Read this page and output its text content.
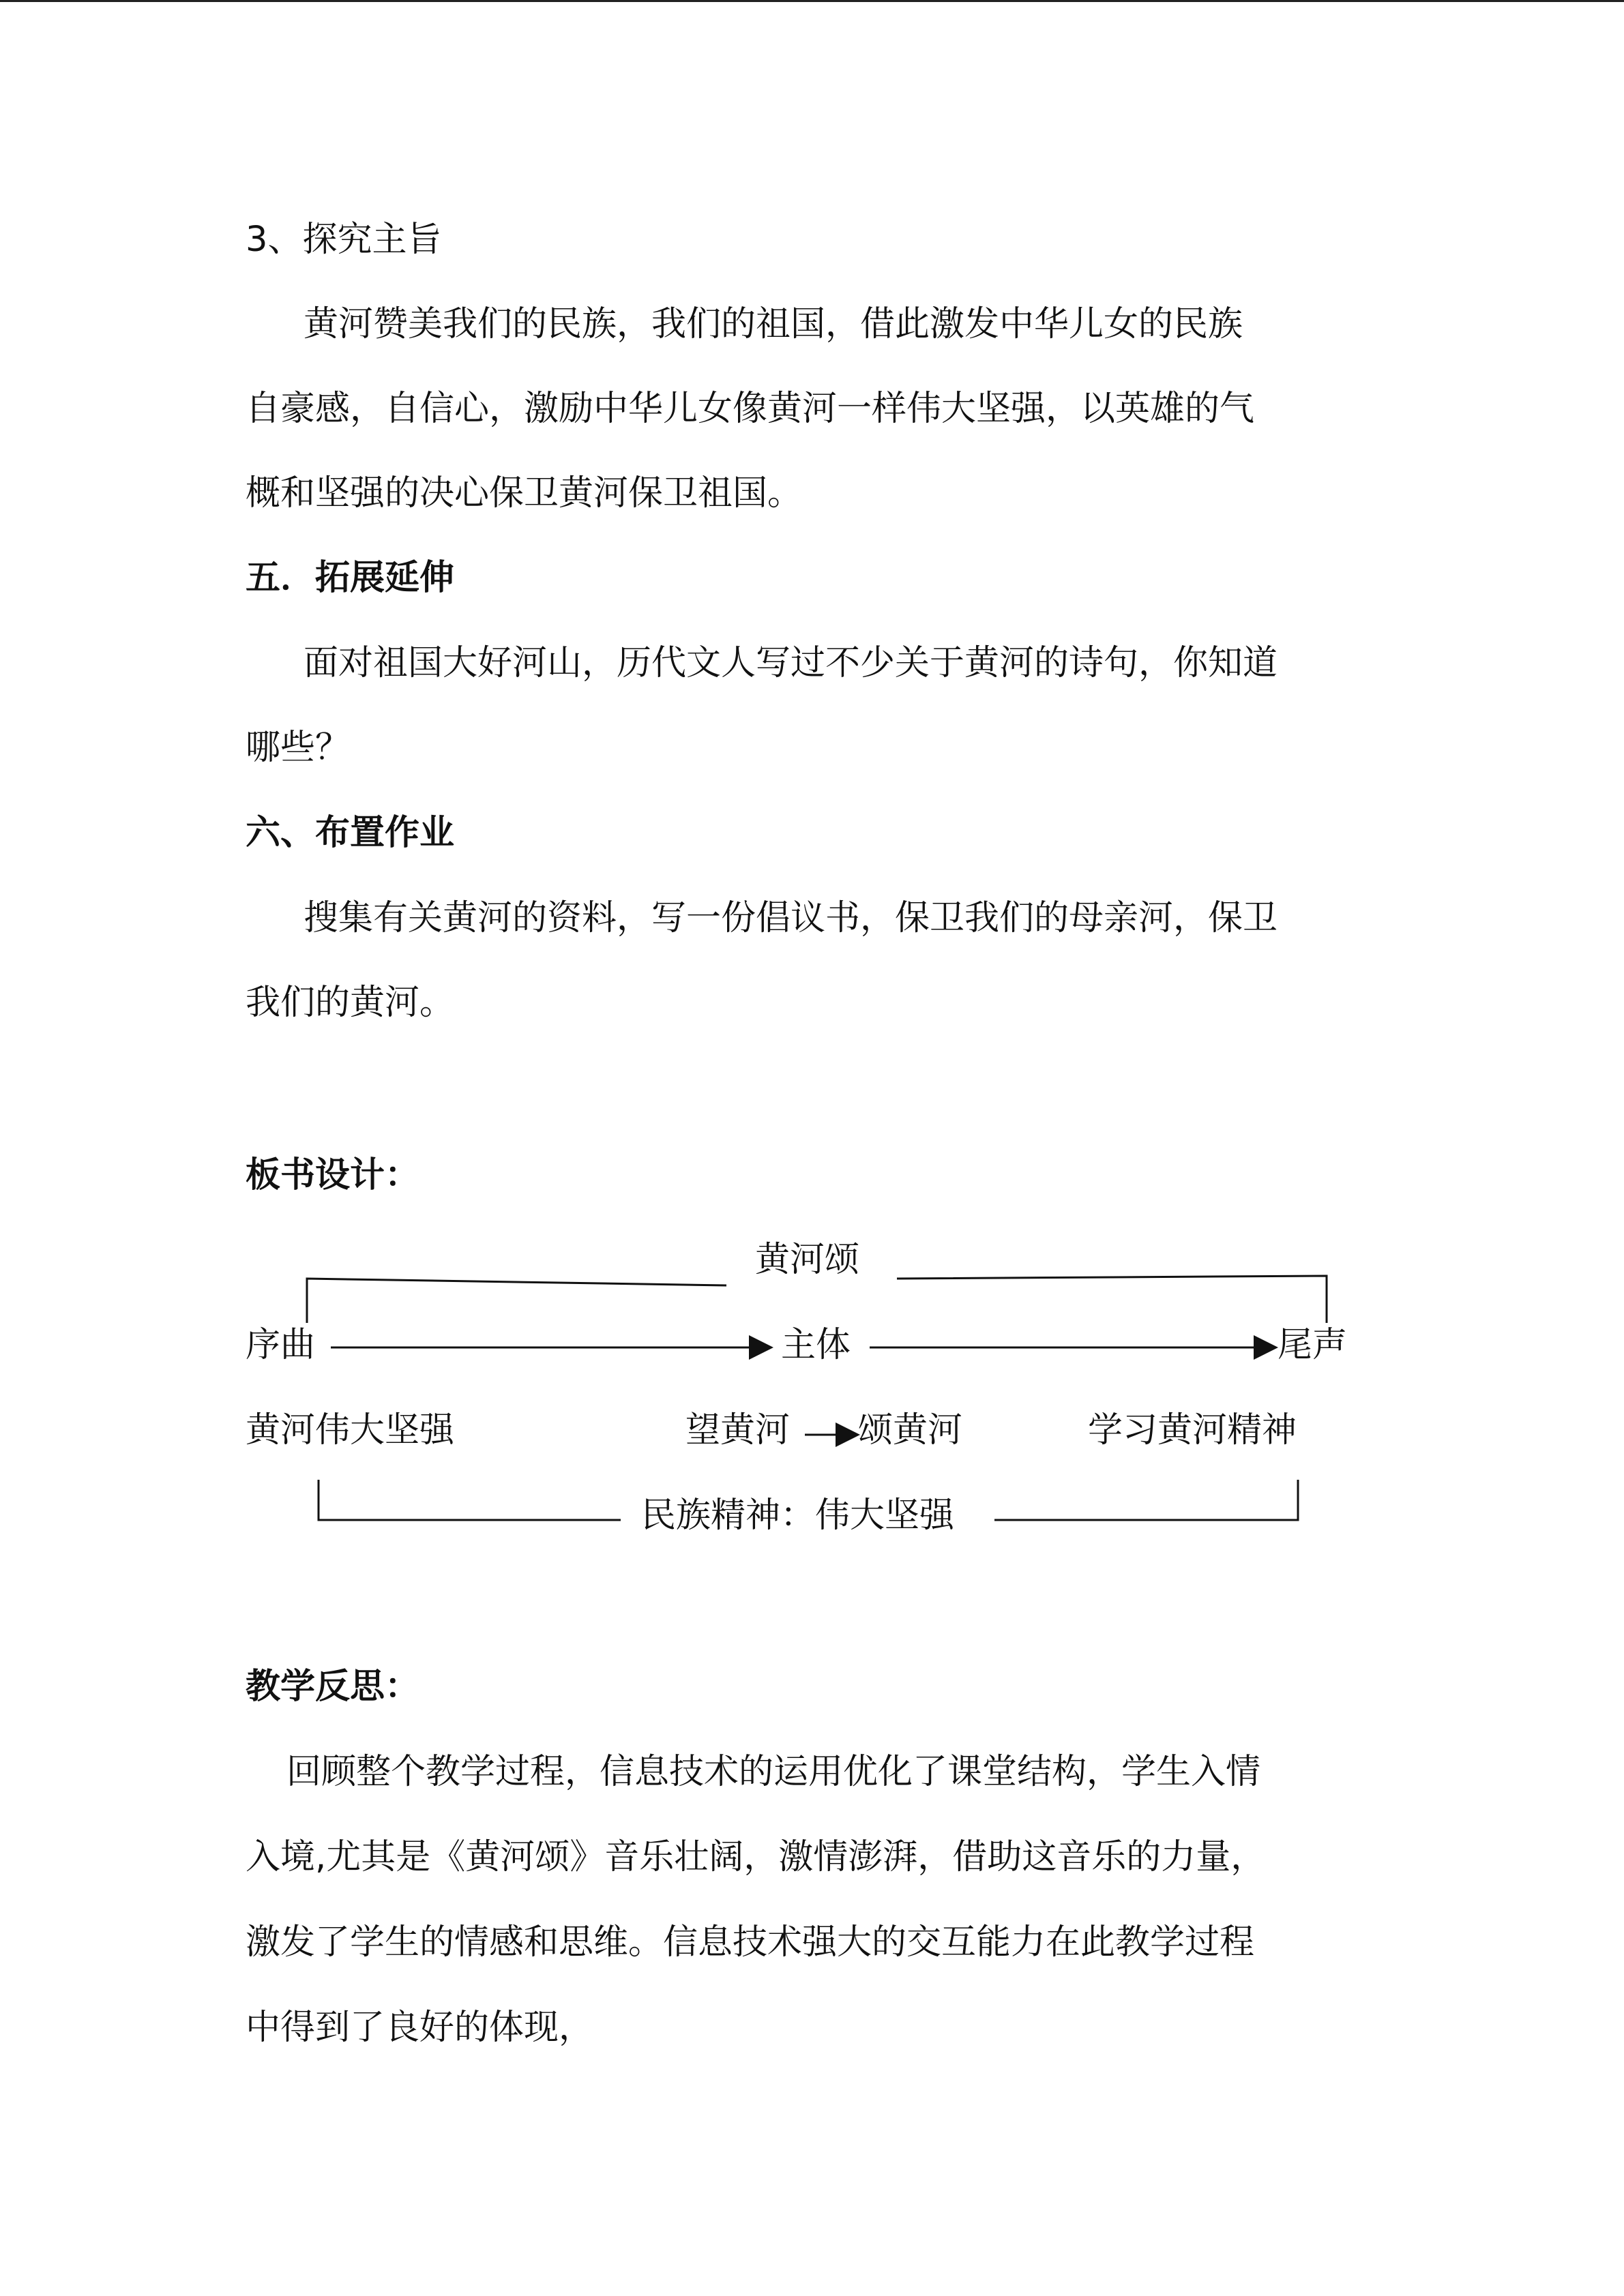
3、探究主旨
黄河赞美我们的民族，我们的祖国，借此激发中华儿女的民族
自豪感，自信心，激励中华儿女像黄河一样伟大坚强，以英雄的气
概和坚强的决心保卫黄河保卫祖国。
五．拓展延伸
面对祖国大好河山，历代文人写过不少关于黄河的诗句，你知道
哪些？
六、布置作业
搜集有关黄河的资料，写一份倡议书，保卫我们的母亲河，保卫
我们的黄河。
板书设计：
黄河颂
序曲	主体	尾声
黄河伟大坚强	望黄河 颂黄河	学习黄河精神
民族精神：伟大坚强
教学反思：
回顾整个教学过程，信息技术的运用优化了课堂结构，学生入情
入境,尤其是《黄河颂》音乐壮阔，激情澎湃，借助这音乐的力量，
激发了学生的情感和思维。信息技术强大的交互能力在此教学过程
中得到了良好的体现，
